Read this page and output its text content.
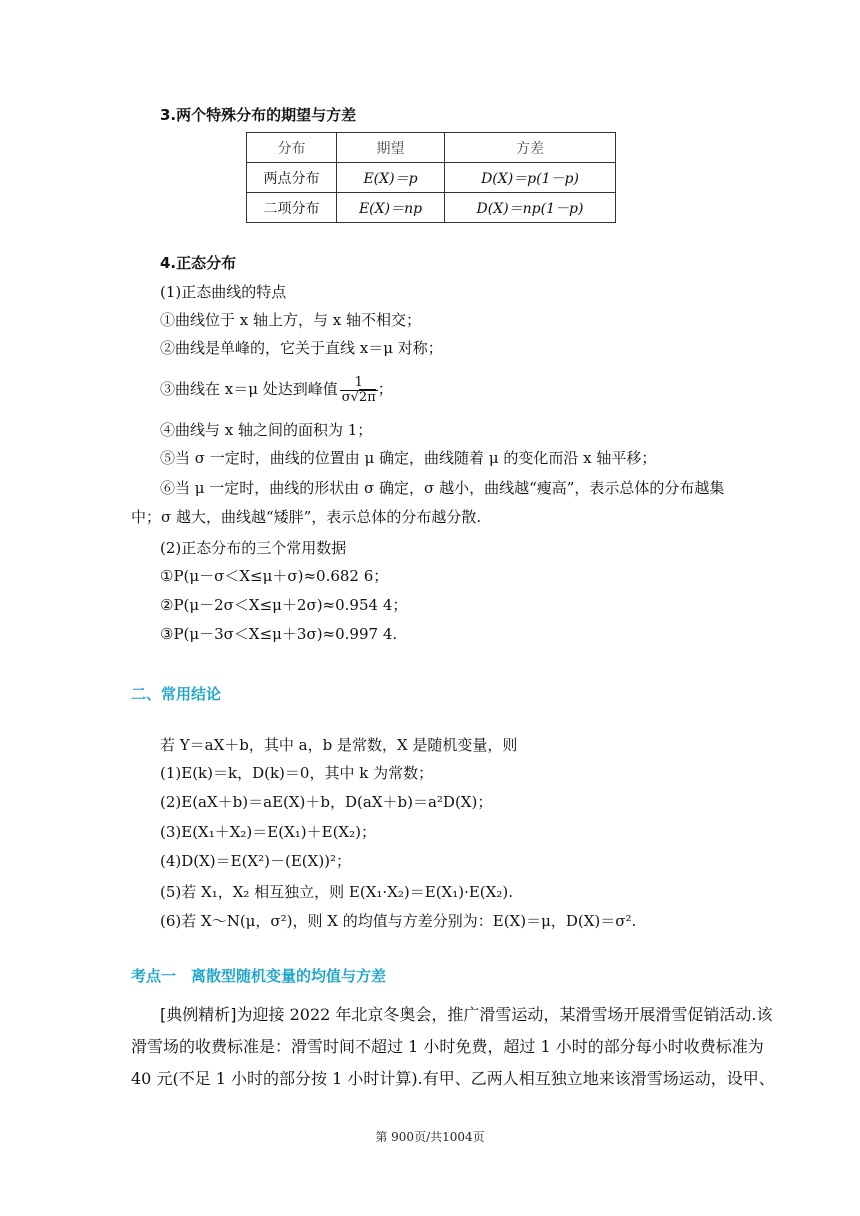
3.两个特殊分布的期望与方差
分布	期望	方差
两点分布	E(X)＝p	D(X)＝p(1－p)
二项分布	E(X)＝np	D(X)＝np(1－p)
4.正态分布
(1)正态曲线的特点
①曲线位于 x 轴上方，与 x 轴不相交；
②曲线是单峰的，它关于直线 x＝μ 对称；
③曲线在 x＝μ 处达到峰值 $\frac{1}{\sigma√2\pi}$ ；
④曲线与 x 轴之间的面积为 1；
⑤当 σ 一定时，曲线的位置由 μ 确定，曲线随着 μ 的变化而沿 x 轴平移；
⑥当 μ 一定时，曲线的形状由 σ 确定，σ 越小，曲线越“瘦高”，表示总体的分布越集
中；σ 越大，曲线越“矮胖”，表示总体的分布越分散.
(2)正态分布的三个常用数据
①P(μ－σ＜X≤μ＋σ)≈0.682 6；
②P(μ－2σ＜X≤μ＋2σ)≈0.954 4；
③P(μ－3σ＜X≤μ＋3σ)≈0.997 4.
二、常用结论
若 Y＝aX＋b，其中 a，b 是常数，X 是随机变量，则
(1)E(k)＝k，D(k)＝0，其中 k 为常数；
(2)E(aX＋b)＝aE(X)＋b，D(aX＋b)＝a²D(X)；
(3)E(X₁＋X₂)＝E(X₁)＋E(X₂)；
(4)D(X)＝E(X²)－(E(X))²；
(5)若 X₁，X₂ 相互独立，则 E(X₁·X₂)＝E(X₁)·E(X₂).
(6)若 X～N(μ，σ²)，则 X 的均值与方差分别为：E(X)＝μ，D(X)＝σ².
考点一　离散型随机变量的均值与方差
[典例精析]为迎接 2022 年北京冬奥会，推广滑雪运动，某滑雪场开展滑雪促销活动.该
滑雪场的收费标准是：滑雪时间不超过 1 小时免费，超过 1 小时的部分每小时收费标准为
40 元(不足 1 小时的部分按 1 小时计算).有甲、乙两人相互独立地来该滑雪场运动，设甲、
第 900页/共1004页
